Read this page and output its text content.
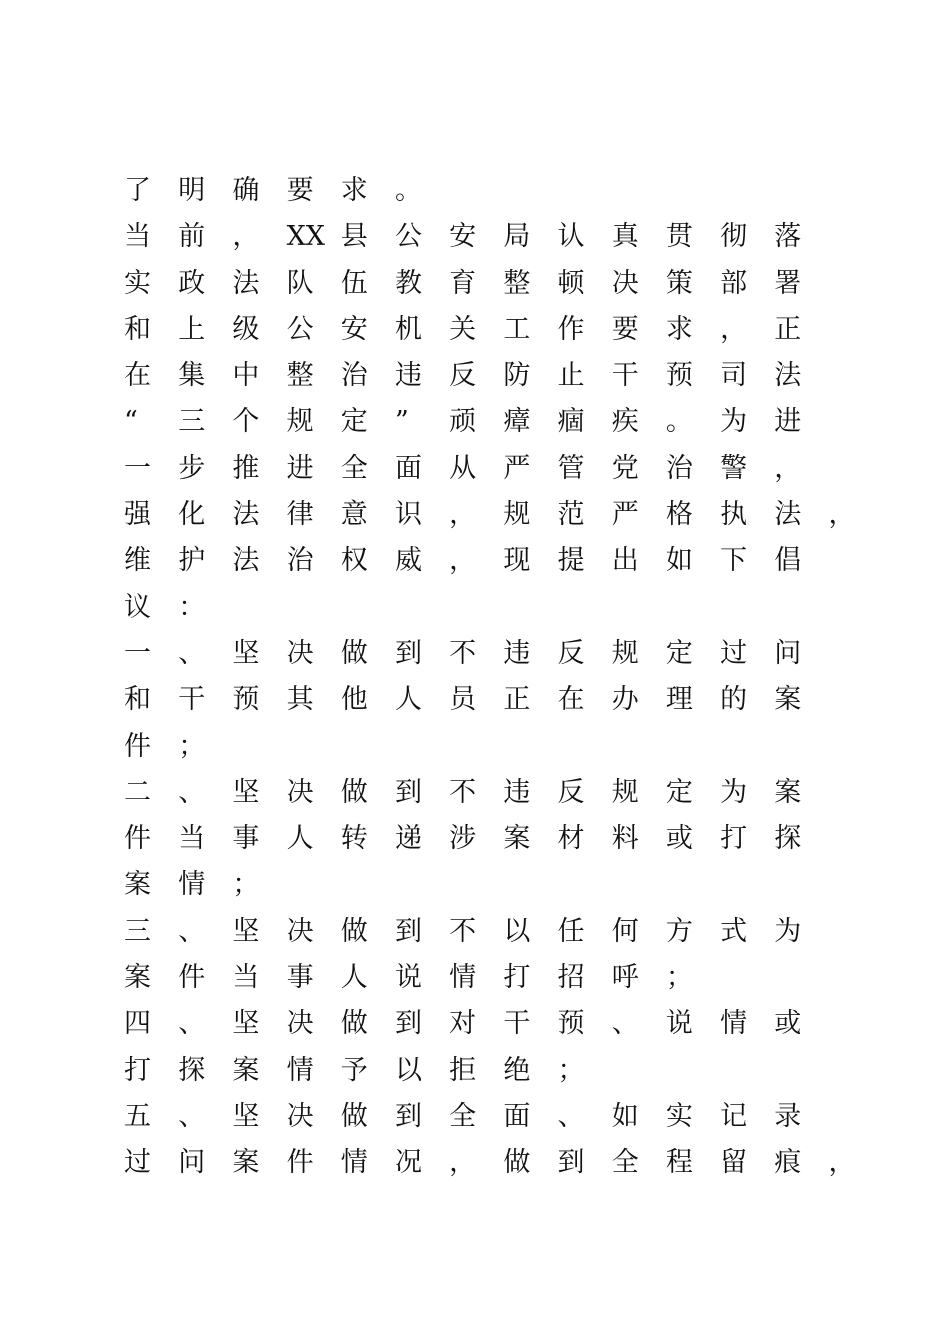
了 明 确 要 求 。
当 前 ， XX 县 公 安 局 认 真 贯 彻 落
实 政 法 队 伍 教 育 整 顿 决 策 部 署
和 上 级 公 安 机 关 工 作 要 求 ， 正
在 集 中 整 治 违 反 防 止 干 预 司 法
“ 三 个 规 定 ” 顽 瘴 痼 疾 。 为 进
一 步 推 进 全 面 从 严 管 党 治 警 ，
强 化 法 律 意 识 ， 规 范 严 格 执 法 ，
维 护 法 治 权 威 ， 现 提 出 如 下 倡
议 ：
一 、 坚 决 做 到 不 违 反 规 定 过 问
和 干 预 其 他 人 员 正 在 办 理 的 案
件 ；
二 、 坚 决 做 到 不 违 反 规 定 为 案
件 当 事 人 转 递 涉 案 材 料 或 打 探
案 情 ；
三 、 坚 决 做 到 不 以 任 何 方 式 为
案 件 当 事 人 说 情 打 招 呼 ；
四 、 坚 决 做 到 对 干 预 、 说 情 或
打 探 案 情 予 以 拒 绝 ；
五 、 坚 决 做 到 全 面 、 如 实 记 录
过 问 案 件 情 况 ， 做 到 全 程 留 痕 ，
